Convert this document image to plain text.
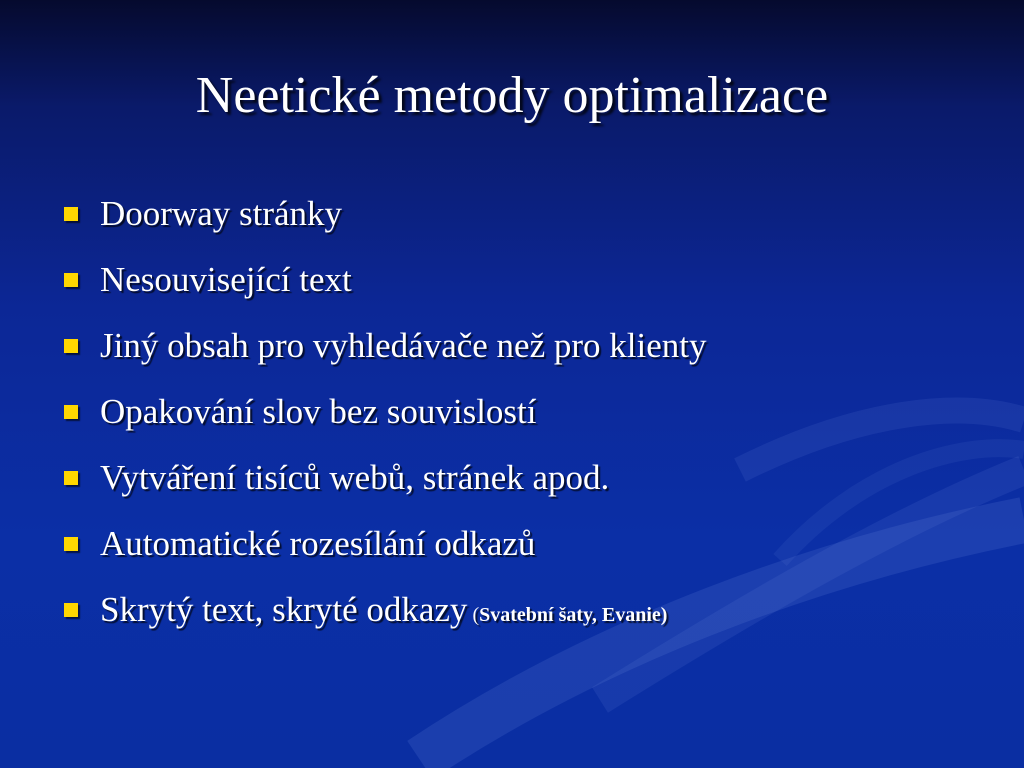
Neetické metody optimalizace
Doorway stránky
Nesouvisející text
Jiný obsah pro vyhledávače než pro klienty
Opakování slov bez souvislostí
Vytváření tisíců webů, stránek apod.
Automatické rozesílání odkazů
Skrytý text, skryté odkazy (Svatební šaty, Evanie)
